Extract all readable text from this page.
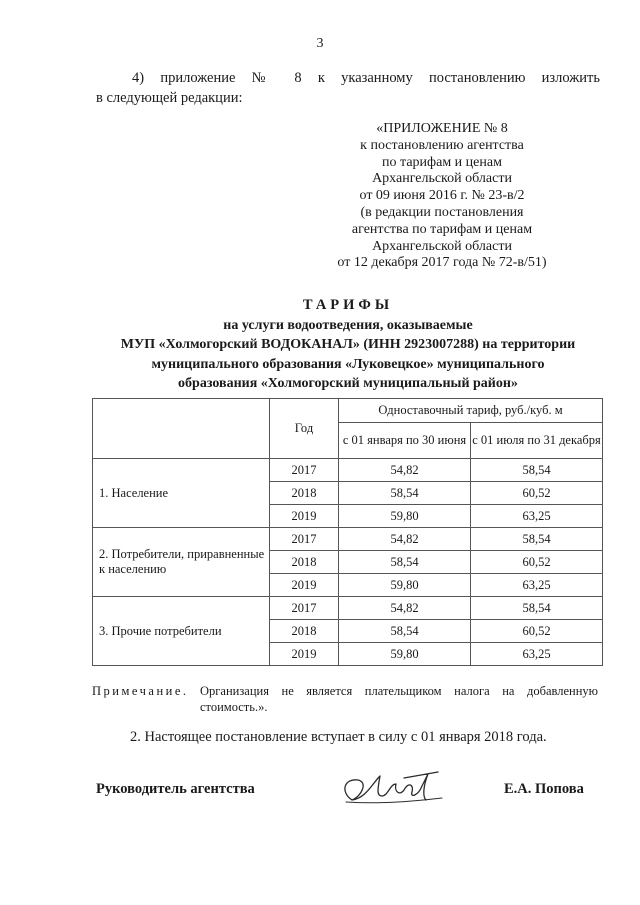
3
4) приложение № 8 к указанному постановлению изложить
в следующей редакции:
«ПРИЛОЖЕНИЕ № 8
к постановлению агентства
по тарифам и ценам
Архангельской области
от 09 июня 2016 г. № 23-в/2
(в редакции постановления
агентства по тарифам и ценам
Архангельской области
от 12 декабря 2017 года № 72-в/51)
ТАРИФЫ
на услуги водоотведения, оказываемые
МУП «Холмогорский ВОДОКАНАЛ» (ИНН 2923007288) на территории
муниципального образования «Луковецкое» муниципального
образования «Холмогорский муниципальный район»
	Год	Одноставочный тариф, руб./куб. м	
		с 01 января по 30 июня	с 01 июля по 31 декабря
1. Население	2017	54,82	58,54
	2018	58,54	60,52
	2019	59,80	63,25
2. Потребители, приравненные к населению	2017	54,82	58,54
	2018	58,54	60,52
	2019	59,80	63,25
3. Прочие потребители	2017	54,82	58,54
	2018	58,54	60,52
	2019	59,80	63,25
Примечание. Организация не является плательщиком налога на добавленную стоимость.».
2. Настоящее постановление вступает в силу с 01 января 2018 года.
Руководитель агентства	Е.А. Попова
